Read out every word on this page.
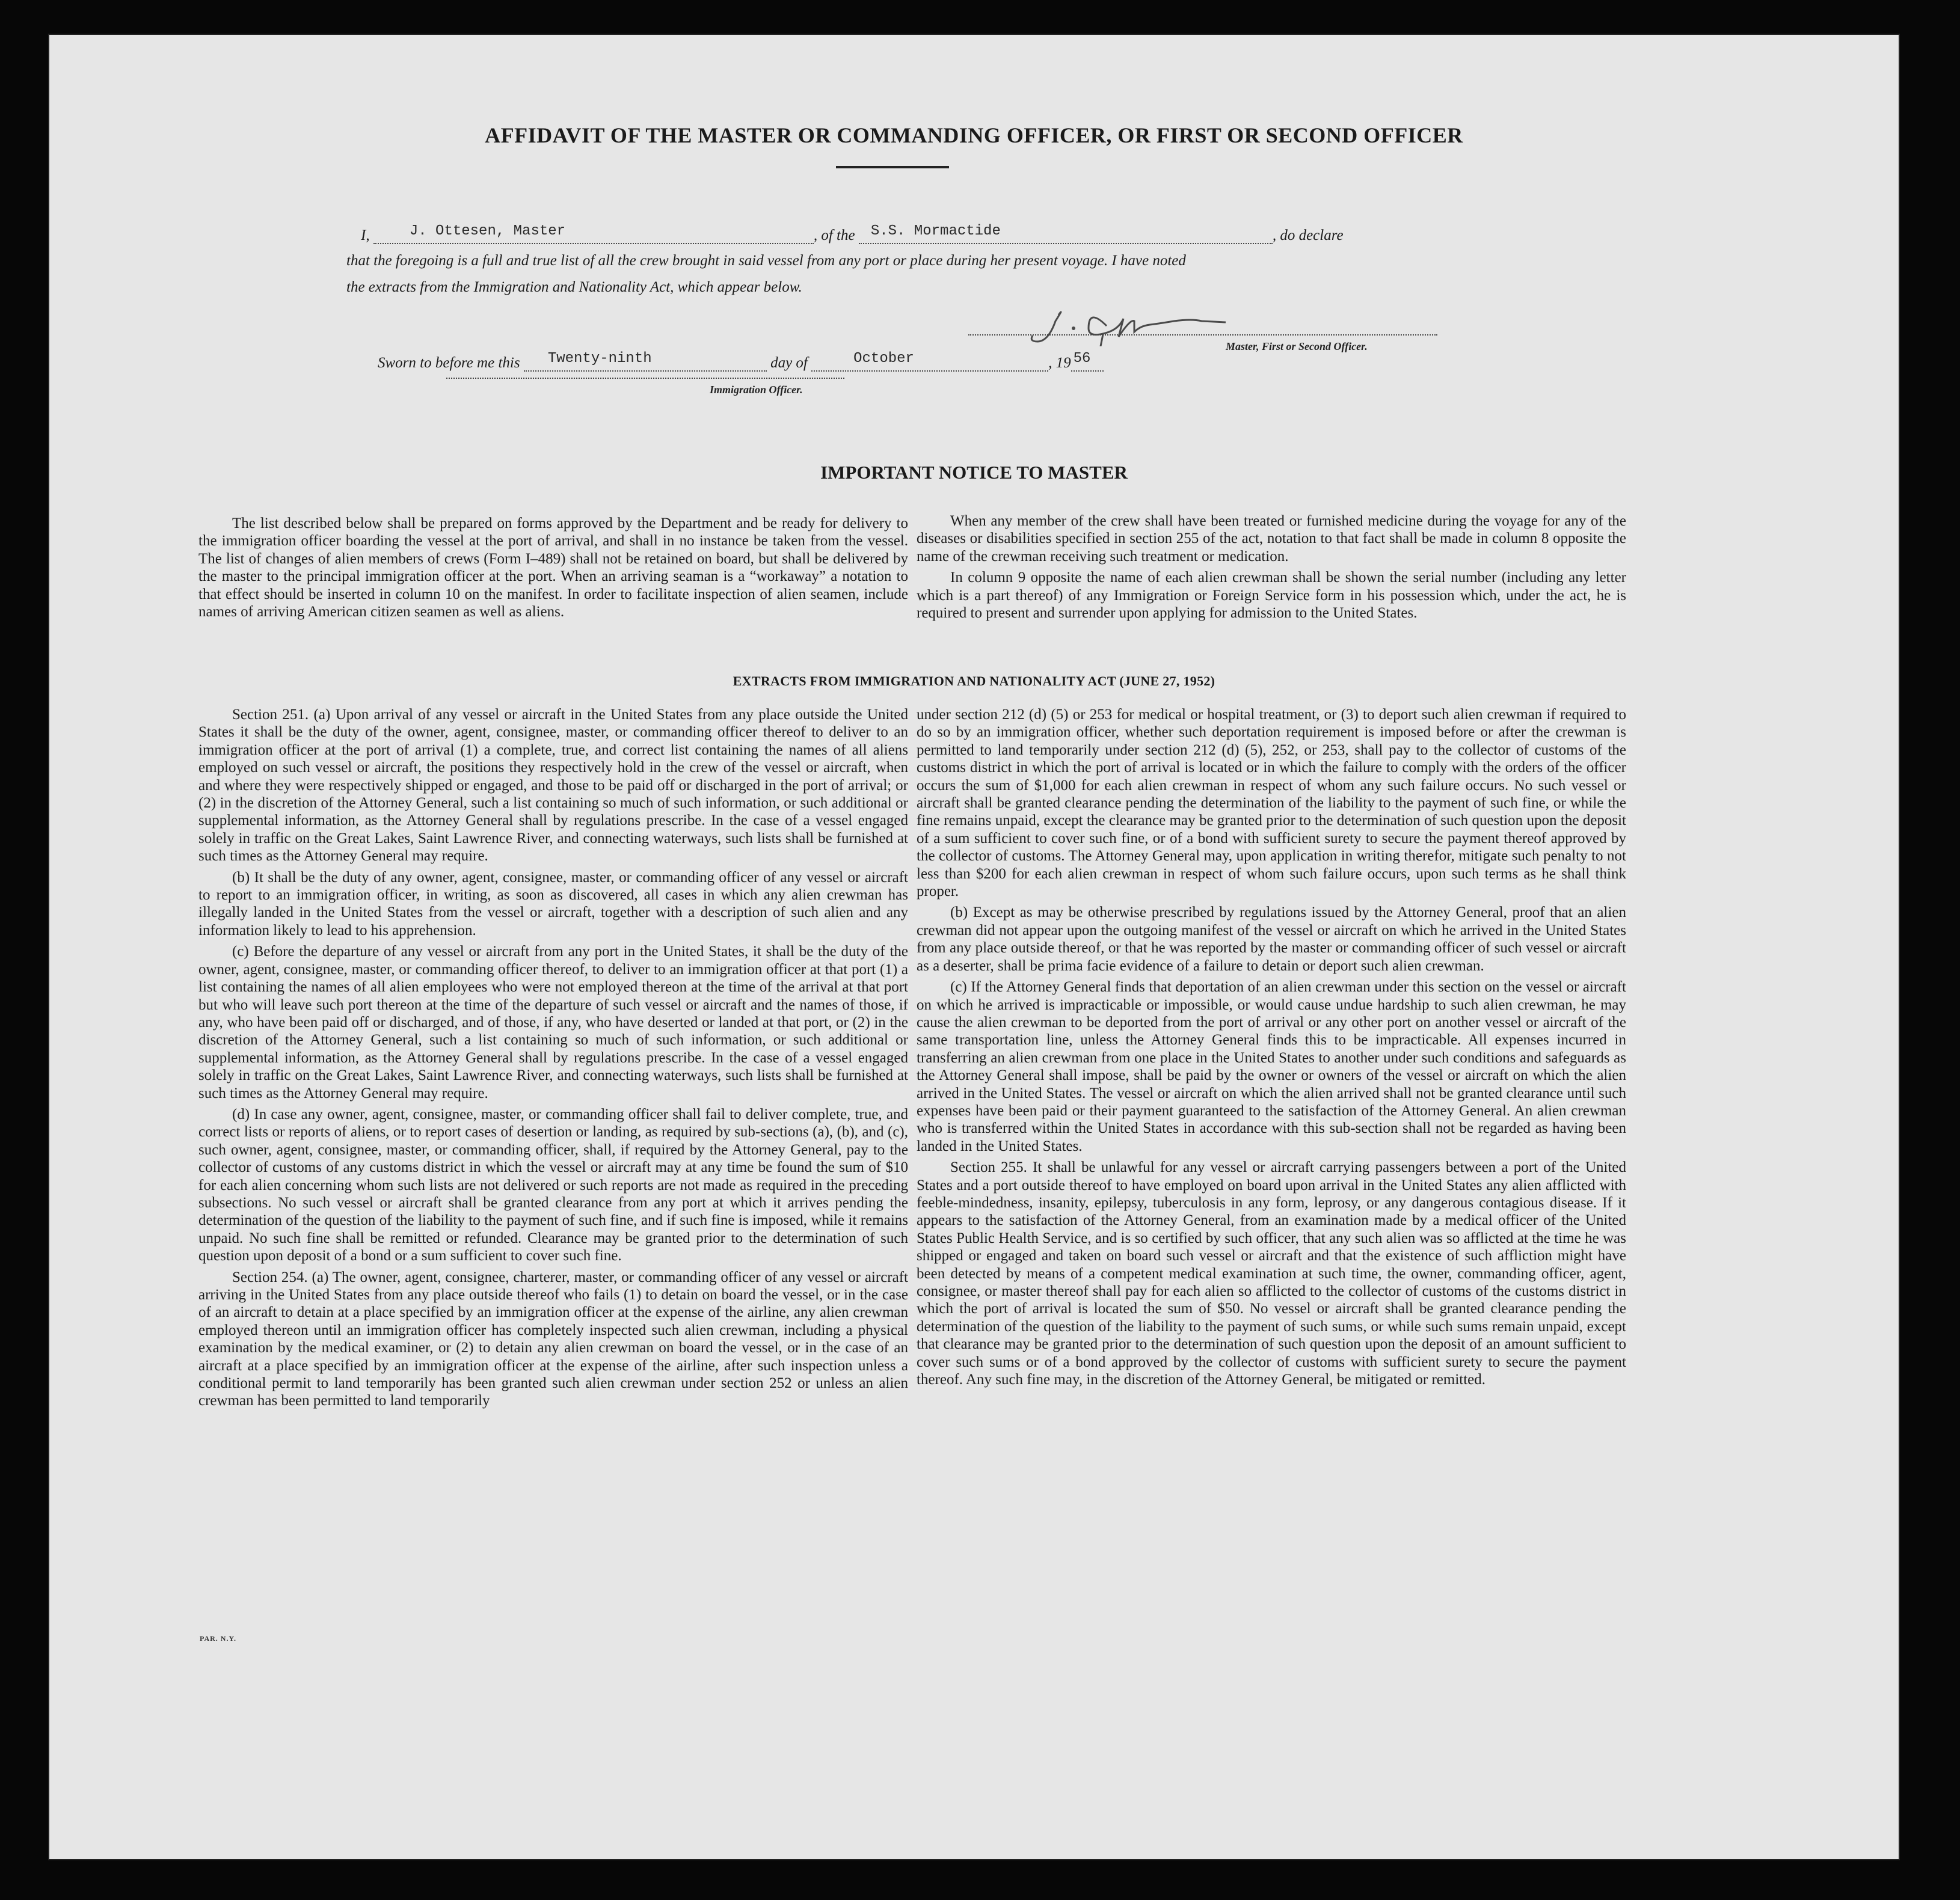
AFFIDAVIT OF THE MASTER OR COMMANDING OFFICER, OR FIRST OR SECOND OFFICER
I,	J. Ottesen, Master	, of the S.S. Mormactide	, do declare
that the foregoing is a full and true list of all the crew brought in said vessel from any port or place during her present voyage. I have noted
the extracts from the Immigration and Nationality Act, which appear below.
Master, First or Second Officer.
Sworn to before me this Twenty-ninth	day of	October	, 19 56
Immigration Officer.
IMPORTANT NOTICE TO MASTER

The list described below shall be prepared on forms approved by the Department and be ready for delivery to the immigration officer boarding the vessel at the port of arrival, and shall in no instance be taken from the vessel. The list of changes of alien members of crews (Form I–489) shall not be retained on board, but shall be delivered by the master to the principal immigration officer at the port. When an arriving seaman is a “workaway” a notation to that effect should be inserted in column 10 on the manifest. In order to facilitate inspection of alien seamen, include names of arriving American citizen seamen as well as aliens.

When any member of the crew shall have been treated or furnished medicine during the voyage for any of the diseases or disabilities specified in section 255 of the act, notation to that fact shall be made in column 8 opposite the name of the crewman receiving such treatment or medication.

In column 9 opposite the name of each alien crewman shall be shown the serial number (including any letter which is a part thereof) of any Immigration or Foreign Service form in his possession which, under the act, he is required to present and surrender upon applying for admission to the United States.

EXTRACTS FROM IMMIGRATION AND NATIONALITY ACT (JUNE 27, 1952)

Section 251. (a) Upon arrival of any vessel or aircraft in the United States from any place outside the United States it shall be the duty of the owner, agent, consignee, master, or commanding officer thereof to deliver to an immigration officer at the port of arrival (1) a complete, true, and correct list containing the names of all aliens employed on such vessel or aircraft, the positions they respectively hold in the crew of the vessel or aircraft, when and where they were respectively shipped or engaged, and those to be paid off or discharged in the port of arrival; or (2) in the discretion of the Attorney General, such a list containing so much of such information, or such additional or supplemental information, as the Attorney General shall by regulations prescribe. In the case of a vessel engaged solely in traffic on the Great Lakes, Saint Lawrence River, and connecting waterways, such lists shall be furnished at such times as the Attorney General may require.

(b) It shall be the duty of any owner, agent, consignee, master, or commanding officer of any vessel or aircraft to report to an immigration officer, in writing, as soon as discovered, all cases in which any alien crewman has illegally landed in the United States from the vessel or aircraft, together with a description of such alien and any information likely to lead to his apprehension.

(c) Before the departure of any vessel or aircraft from any port in the United States, it shall be the duty of the owner, agent, consignee, master, or commanding officer thereof, to deliver to an immigration officer at that port (1) a list containing the names of all alien employees who were not employed thereon at the time of the arrival at that port but who will leave such port thereon at the time of the departure of such vessel or aircraft and the names of those, if any, who have been paid off or discharged, and of those, if any, who have deserted or landed at that port, or (2) in the discretion of the Attorney General, such a list containing so much of such information, or such additional or supplemental information, as the Attorney General shall by regulations prescribe. In the case of a vessel engaged solely in traffic on the Great Lakes, Saint Lawrence River, and connecting waterways, such lists shall be furnished at such times as the Attorney General may require.

(d) In case any owner, agent, consignee, master, or commanding officer shall fail to deliver complete, true, and correct lists or reports of aliens, or to report cases of desertion or landing, as required by sub-sections (a), (b), and (c), such owner, agent, consignee, master, or commanding officer, shall, if required by the Attorney General, pay to the collector of customs of any customs district in which the vessel or aircraft may at any time be found the sum of $10 for each alien concerning whom such lists are not delivered or such reports are not made as required in the preceding subsections. No such vessel or aircraft shall be granted clearance from any port at which it arrives pending the determination of the question of the liability to the payment of such fine, and if such fine is imposed, while it remains unpaid. No such fine shall be remitted or refunded. Clearance may be granted prior to the determination of such question upon deposit of a bond or a sum sufficient to cover such fine.

Section 254. (a) The owner, agent, consignee, charterer, master, or commanding officer of any vessel or aircraft arriving in the United States from any place outside thereof who fails (1) to detain on board the vessel, or in the case of an aircraft to detain at a place specified by an immigration officer at the expense of the airline, any alien crewman employed thereon until an immigration officer has completely inspected such alien crewman, including a physical examination by the medical examiner, or (2) to detain any alien crewman on board the vessel, or in the case of an aircraft at a place specified by an immigration officer at the expense of the airline, after such inspection unless a conditional permit to land temporarily has been granted such alien crewman under section 252 or unless an alien crewman has been permitted to land temporarily

under section 212 (d) (5) or 253 for medical or hospital treatment, or (3) to deport such alien crewman if required to do so by an immigration officer, whether such deportation requirement is imposed before or after the crewman is permitted to land temporarily under section 212 (d) (5), 252, or 253, shall pay to the collector of customs of the customs district in which the port of arrival is located or in which the failure to comply with the orders of the officer occurs the sum of $1,000 for each alien crewman in respect of whom any such failure occurs. No such vessel or aircraft shall be granted clearance pending the determination of the liability to the payment of such fine, or while the fine remains unpaid, except the clearance may be granted prior to the determination of such question upon the deposit of a sum sufficient to cover such fine, or of a bond with sufficient surety to secure the payment thereof approved by the collector of customs. The Attorney General may, upon application in writing therefor, mitigate such penalty to not less than $200 for each alien crewman in respect of whom such failure occurs, upon such terms as he shall think proper.

(b) Except as may be otherwise prescribed by regulations issued by the Attorney General, proof that an alien crewman did not appear upon the outgoing manifest of the vessel or aircraft on which he arrived in the United States from any place outside thereof, or that he was reported by the master or commanding officer of such vessel or aircraft as a deserter, shall be prima facie evidence of a failure to detain or deport such alien crewman.

(c) If the Attorney General finds that deportation of an alien crewman under this section on the vessel or aircraft on which he arrived is impracticable or impossible, or would cause undue hardship to such alien crewman, he may cause the alien crewman to be deported from the port of arrival or any other port on another vessel or aircraft of the same transportation line, unless the Attorney General finds this to be impracticable. All expenses incurred in transferring an alien crewman from one place in the United States to another under such conditions and safeguards as the Attorney General shall impose, shall be paid by the owner or owners of the vessel or aircraft on which the alien arrived in the United States. The vessel or aircraft on which the alien arrived shall not be granted clearance until such expenses have been paid or their payment guaranteed to the satisfaction of the Attorney General. An alien crewman who is transferred within the United States in accordance with this sub-section shall not be regarded as having been landed in the United States.

Section 255. It shall be unlawful for any vessel or aircraft carrying passengers between a port of the United States and a port outside thereof to have employed on board upon arrival in the United States any alien afflicted with feeble-mindedness, insanity, epilepsy, tuberculosis in any form, leprosy, or any dangerous contagious disease. If it appears to the satisfaction of the Attorney General, from an examination made by a medical officer of the United States Public Health Service, and is so certified by such officer, that any such alien was so afflicted at the time he was shipped or engaged and taken on board such vessel or aircraft and that the existence of such affliction might have been detected by means of a competent medical examination at such time, the owner, commanding officer, agent, consignee, or master thereof shall pay for each alien so afflicted to the collector of customs of the customs district in which the port of arrival is located the sum of $50. No vessel or aircraft shall be granted clearance pending the determination of the question of the liability to the payment of such sums, or while such sums remain unpaid, except that clearance may be granted prior to the determination of such question upon the deposit of an amount sufficient to cover such sums or of a bond approved by the collector of customs with sufficient surety to secure the payment thereof. Any such fine may, in the discretion of the Attorney General, be mitigated or remitted.

PAR. N.Y.
